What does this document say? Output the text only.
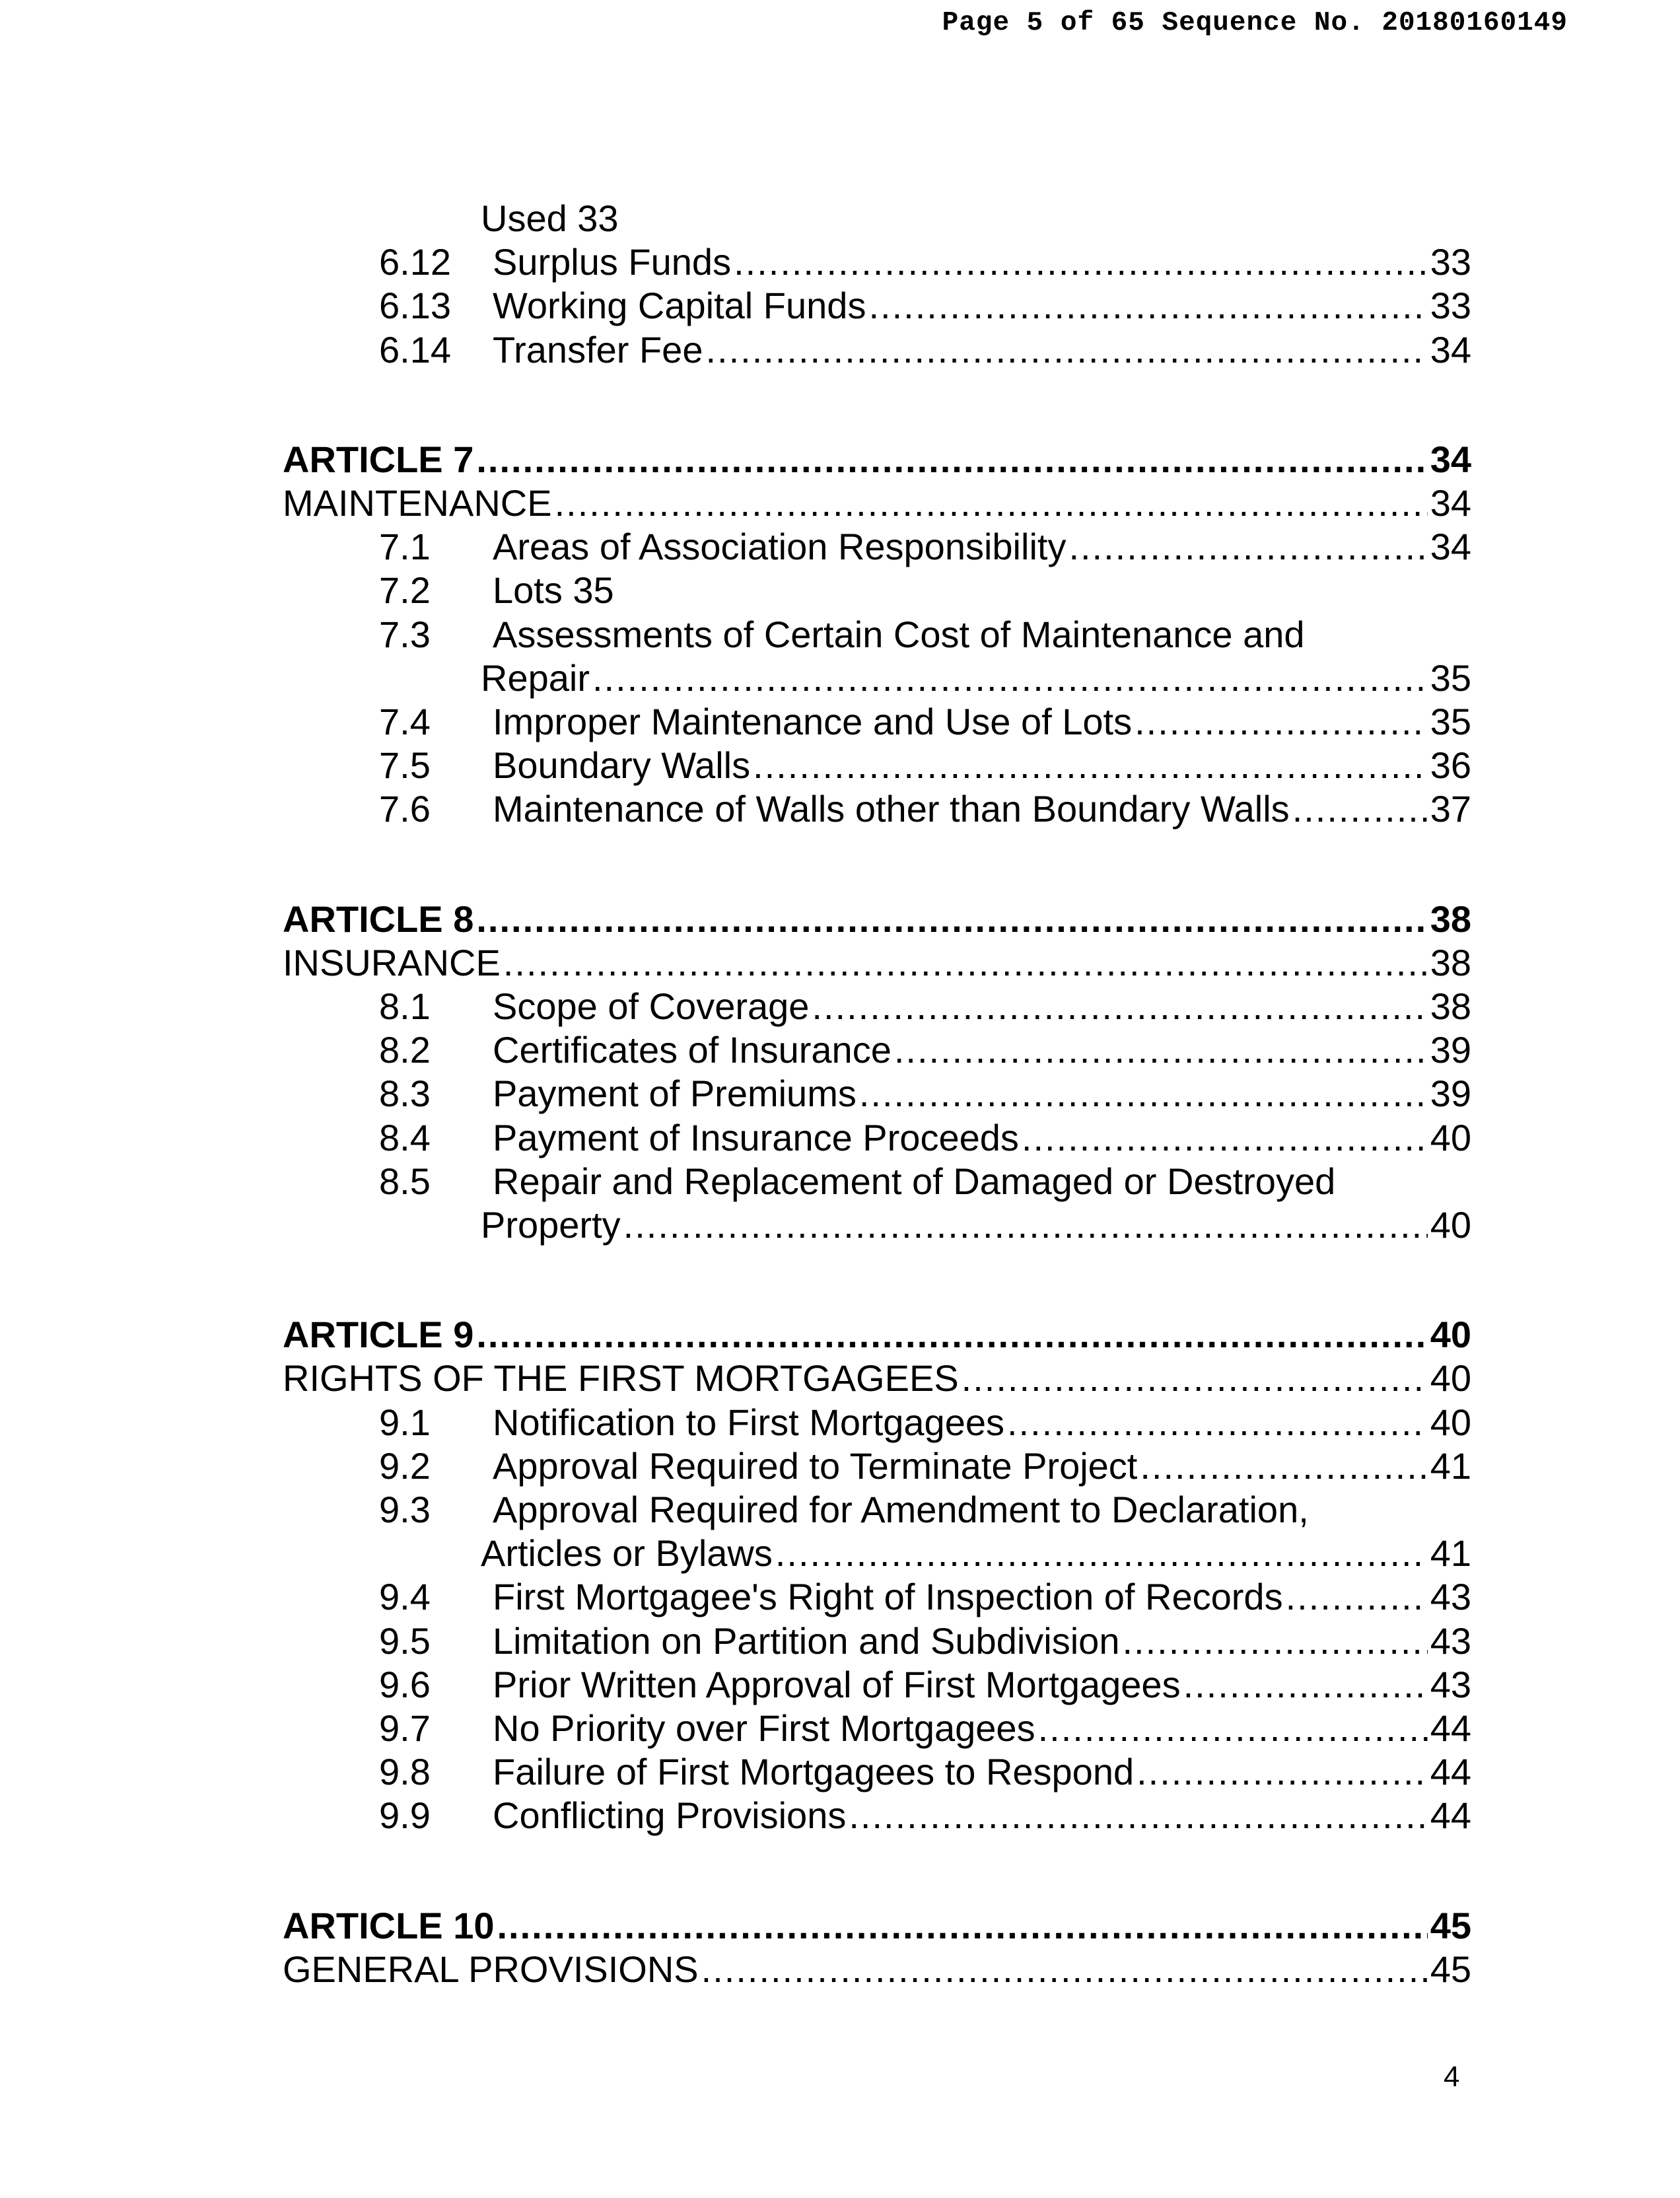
Page 5 of 65 Sequence No. 20180160149
Used 33
6.12 Surplus Funds .....	33
6.13 Working Capital Funds .....	33
6.14 Transfer Fee .....	34
ARTICLE 7 .....	34
MAINTENANCE .....	34
7.1 Areas of Association Responsibility .....	34
7.2 Lots 35
7.3 Assessments of Certain Cost of Maintenance and
Repair .....	35
7.4 Improper Maintenance and Use of Lots .....	35
7.5 Boundary Walls .....	36
7.6 Maintenance of Walls other than Boundary Walls .....	37
ARTICLE 8 .....	38
INSURANCE .....	38
8.1 Scope of Coverage .....	38
8.2 Certificates of Insurance .....	39
8.3 Payment of Premiums .....	39
8.4 Payment of Insurance Proceeds .....	40
8.5 Repair and Replacement of Damaged or Destroyed
Property .....	40
ARTICLE 9 .....	40
RIGHTS OF THE FIRST MORTGAGEES .....	40
9.1 Notification to First Mortgagees .....	40
9.2 Approval Required to Terminate Project .....	41
9.3 Approval Required for Amendment to Declaration,
Articles or Bylaws .....	41
9.4 First Mortgagee's Right of Inspection of Records .....	43
9.5 Limitation on Partition and Subdivision .....	43
9.6 Prior Written Approval of First Mortgagees .....	43
9.7 No Priority over First Mortgagees .....	44
9.8 Failure of First Mortgagees to Respond .....	44
9.9 Conflicting Provisions .....	44
ARTICLE 10 .....	45
GENERAL PROVISIONS .....	45
4
